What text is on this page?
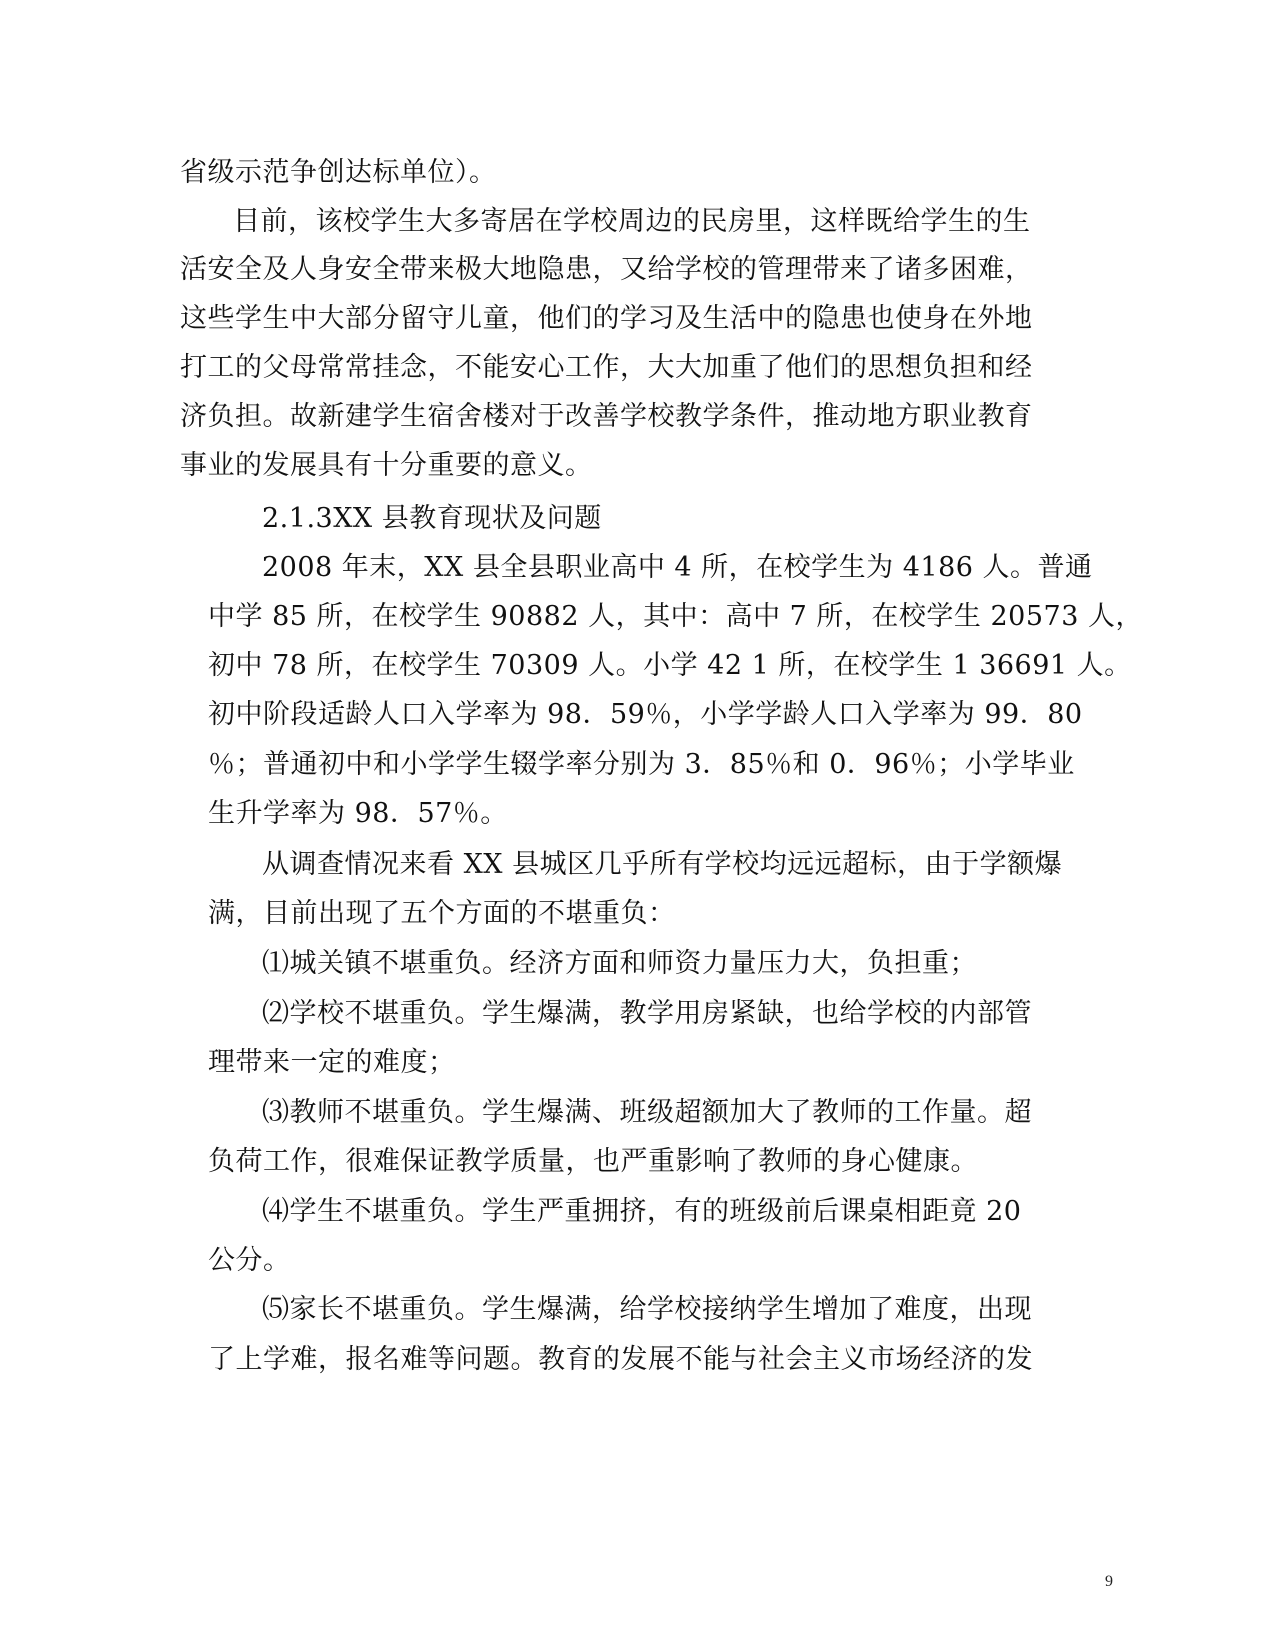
省级示范争创达标单位）。

目前，该校学生大多寄居在学校周边的民房里，这样既给学生的生

活安全及人身安全带来极大地隐患，又给学校的管理带来了诸多困难，

这些学生中大部分留守儿童，他们的学习及生活中的隐患也使身在外地

打工的父母常常挂念，不能安心工作，大大加重了他们的思想负担和经

济负担。故新建学生宿舍楼对于改善学校教学条件，推动地方职业教育

事业的发展具有十分重要的意义。

2.1.3XX 县教育现状及问题

2008 年末，XX 县全县职业高中 4 所，在校学生为 4186 人。普通

中学 85 所，在校学生 90882 人，其中：高中 7 所，在校学生 20573 人，

初中 78 所，在校学生 70309 人。小学 42 1 所，在校学生 1 36691 人。

初中阶段适龄人口入学率为 98．59％，小学学龄人口入学率为 99．80

％；普通初中和小学学生辍学率分别为 3．85％和 0．96％；小学毕业

生升学率为 98．57％。

从调查情况来看 XX 县城区几乎所有学校均远远超标，由于学额爆

满，目前出现了五个方面的不堪重负：

⑴城关镇不堪重负。经济方面和师资力量压力大，负担重；

⑵学校不堪重负。学生爆满，教学用房紧缺，也给学校的内部管

理带来一定的难度；

⑶教师不堪重负。学生爆满、班级超额加大了教师的工作量。超

负荷工作，很难保证教学质量，也严重影响了教师的身心健康。

⑷学生不堪重负。学生严重拥挤，有的班级前后课桌相距竟 20

公分。

⑸家长不堪重负。学生爆满，给学校接纳学生增加了难度，出现

了上学难，报名难等问题。教育的发展不能与社会主义市场经济的发

9
